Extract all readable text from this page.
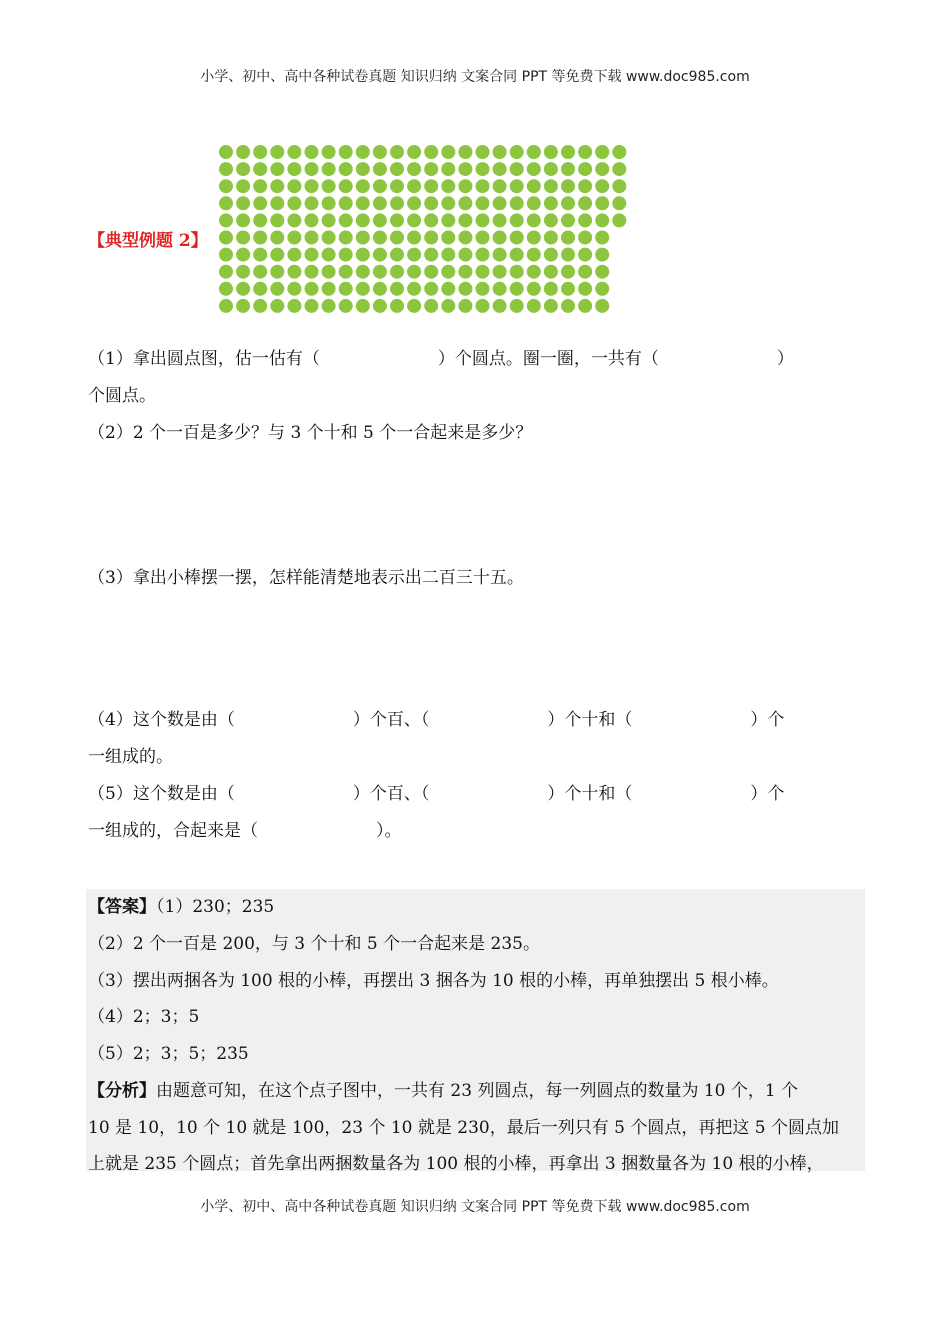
小学、初中、高中各种试卷真题 知识归纳 文案合同 PPT 等免费下载 www.doc985.com
【典型例题 2】
（1）拿出圆点图，估一估有（	）个圆点。圈一圈，一共有（	）
个圆点。
（2）2 个一百是多少？与 3 个十和 5 个一合起来是多少？
（3）拿出小棒摆一摆，怎样能清楚地表示出二百三十五。
（4）这个数是由（	）个百、（	）个十和（	）个
一组成的。
（5）这个数是由（	）个百、（	）个十和（	）个
一组成的，合起来是（	）。
【答案】（1）230；235
（2）2 个一百是 200，与 3 个十和 5 个一合起来是 235。
（3）摆出两捆各为 100 根的小棒，再摆出 3 捆各为 10 根的小棒，再单独摆出 5 根小棒。
（4）2；3；5
（5）2；3；5；235
【分析】由题意可知，在这个点子图中，一共有 23 列圆点，每一列圆点的数量为 10 个，1 个
10 是 10，10 个 10 就是 100，23 个 10 就是 230，最后一列只有 5 个圆点，再把这 5 个圆点加
上就是 235 个圆点；首先拿出两捆数量各为 100 根的小棒，再拿出 3 捆数量各为 10 根的小棒，
小学、初中、高中各种试卷真题 知识归纳 文案合同 PPT 等免费下载 www.doc985.com
